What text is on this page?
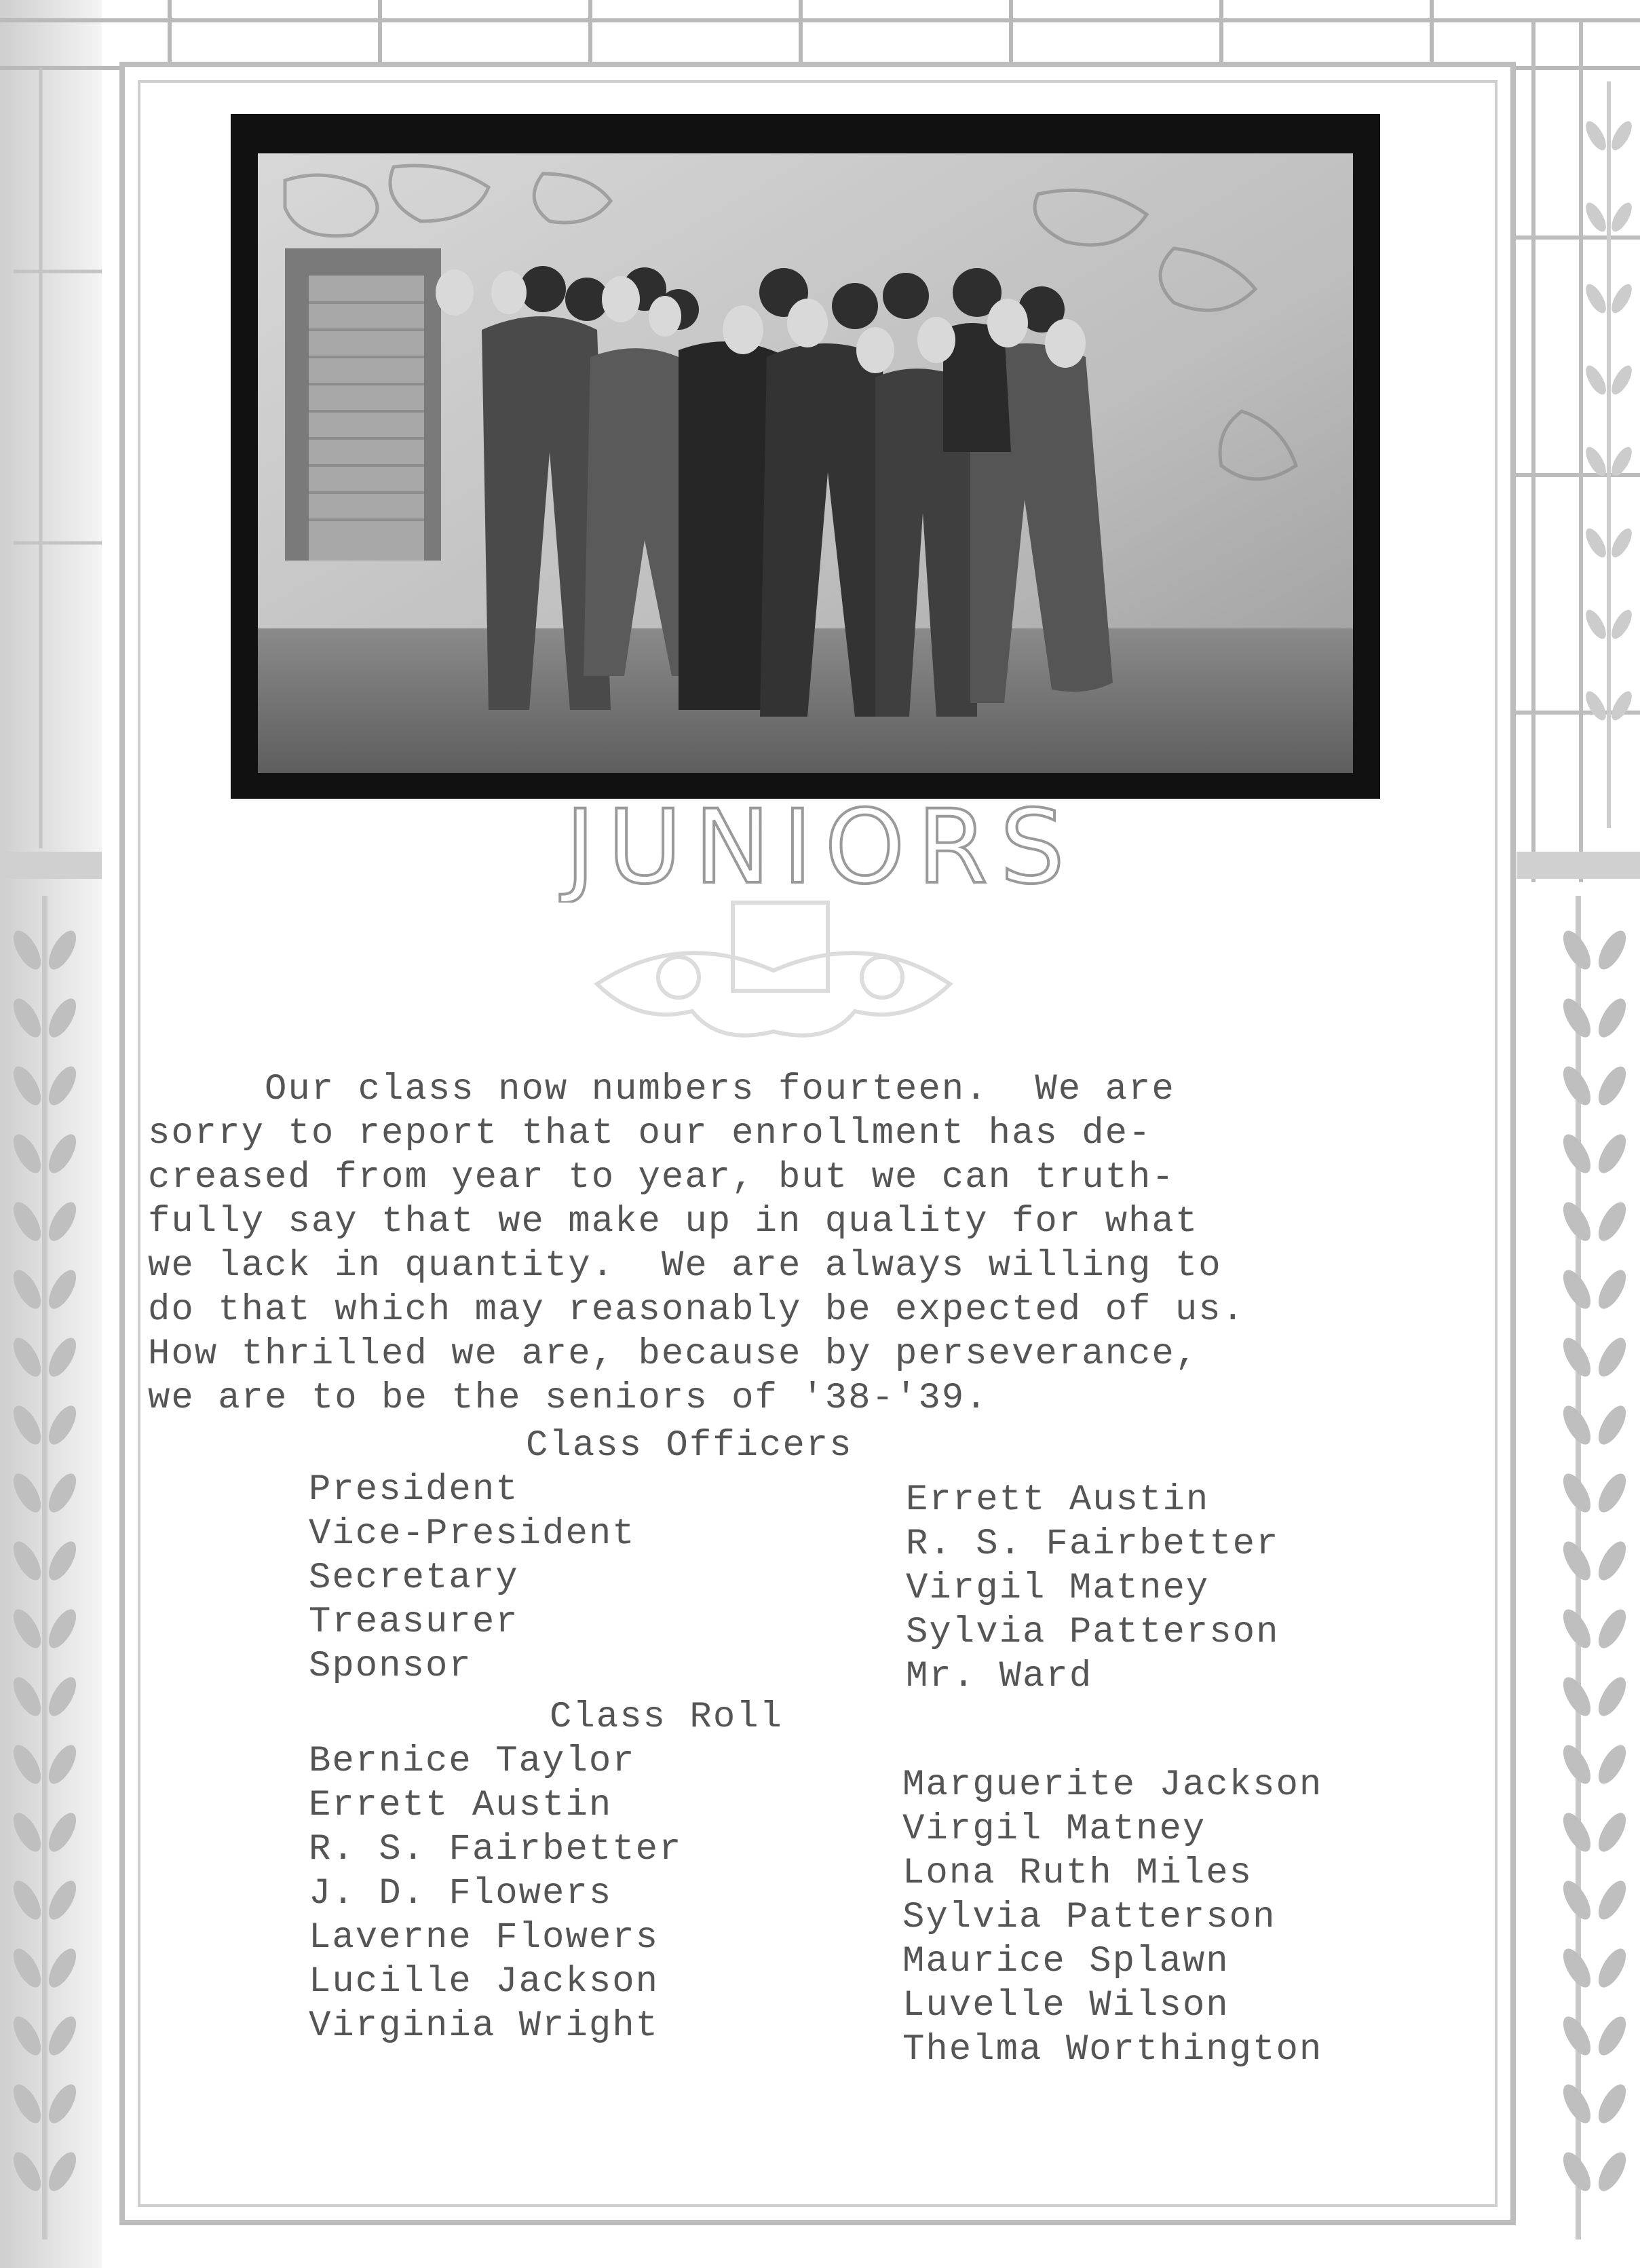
JUNIORS
Our class now numbers fourteen.  We are
sorry to report that our enrollment has de-
creased from year to year, but we can truth-
fully say that we make up in quality for what
we lack in quantity.  We are always willing to
do that which may reasonably be expected of us.
How thrilled we are, because by perseverance,
we are to be the seniors of '38-'39.
Class Officers
President	Errett Austin
Vice-President	R. S. Fairbetter
Secretary	Virgil Matney
Treasurer	Sylvia Patterson
Sponsor	Mr. Ward
Class Roll
Bernice Taylor
Errett Austin
R. S. Fairbetter
J. D. Flowers
Laverne Flowers
Lucille Jackson
Virginia Wright
Marguerite Jackson
Virgil Matney
Lona Ruth Miles
Sylvia Patterson
Maurice Splawn
Luvelle Wilson
Thelma Worthington
